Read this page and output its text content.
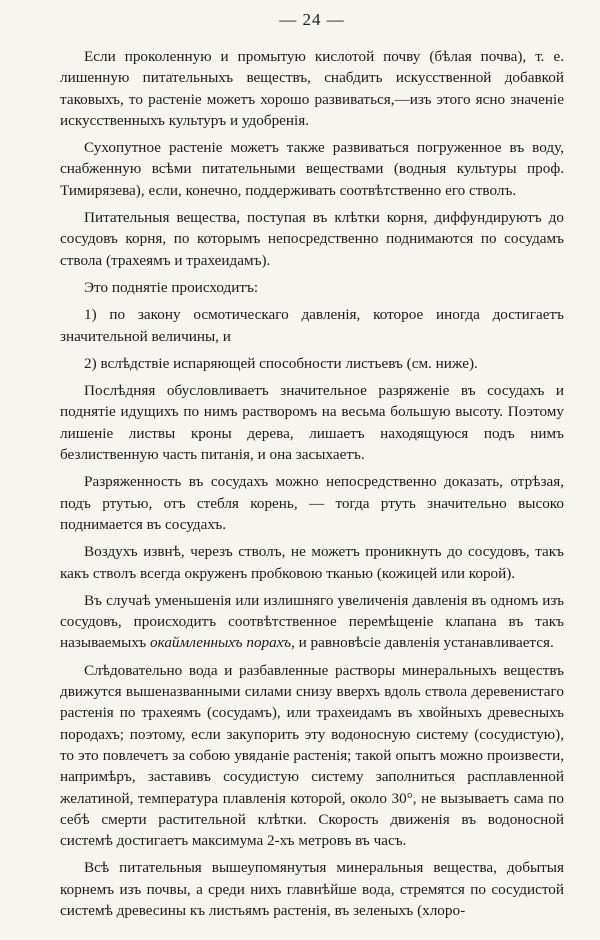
— 24 —

Если проколенную и промытую кислотой почву (бѣлая почва), т. е. лишенную питательныхъ веществъ, снабдить искусственной добавкой таковыхъ, то растеніе можетъ хорошо развиваться,—изъ этого ясно значеніе искусственныхъ культуръ и удобренія.

Сухопутное растеніе можетъ также развиваться погруженное въ воду, снабженную всѣми питательными веществами (водныя культуры проф. Тимирязева), если, конечно, поддерживать соотвѣтственно его стволъ.

Питательныя вещества, поступая въ клѣтки корня, диффундируютъ до сосудовъ корня, по которымъ непосредственно поднимаются по сосудамъ ствола (трахеямъ и трахеидамъ).

Это поднятіе происходитъ:

1) по закону осмотическаго давленія, которое иногда достигаетъ значительной величины, и

2) вслѣдствіе испаряющей способности листьевъ (см. ниже).

Послѣдняя обусловливаетъ значительное разряженіе въ сосудахъ и поднятіе идущихъ по нимъ растворомъ на весьма большую высоту. Поэтому лишеніе листвы кроны дерева, лишаетъ находящуюся подъ нимъ безлиственную часть питанія, и она засыхаетъ.

Разряженность въ сосудахъ можно непосредственно доказать, отрѣзая, подъ ртутью, отъ стебля корень, — тогда ртуть значительно высоко поднимается въ сосудахъ.

Воздухъ извнѣ, черезъ стволъ, не можетъ проникнуть до сосудовъ, такъ какъ стволъ всегда окруженъ пробковою тканью (кожицей или корой).

Въ случаѣ уменьшенія или излишняго увеличенія давленія въ одномъ изъ сосудовъ, происходитъ соотвѣтственное перемѣщеніе клапана въ такъ называемыхъ окаймленныхъ порахъ, и равновѣсіе давленія устанавливается.

Слѣдовательно вода и разбавленные растворы минеральныхъ веществъ движутся вышеназванными силами снизу вверхъ вдоль ствола деревенистаго растенія по трахеямъ (сосудамъ), или трахеидамъ въ хвойныхъ древесныхъ породахъ; поэтому, если закупорить эту водоносную систему (сосудистую), то это повлечетъ за собою увяданіе растенія; такой опытъ можно произвести, напримѣръ, заставивъ сосудистую систему заполниться расплавленной желатиной, температура плавленія которой, около 30°, не вызываетъ сама по себѣ смерти растительной клѣтки. Скорость движенія въ водоносной системѣ достигаетъ максимума 2-хъ метровъ въ часъ.

Всѣ питательныя вышеупомянутыя минеральныя вещества, добытыя корнемъ изъ почвы, а среди нихъ главнѣйше вода, стремятся по сосудистой системѣ древесины къ листьямъ растенія, въ зеленыхъ (хлоро-
